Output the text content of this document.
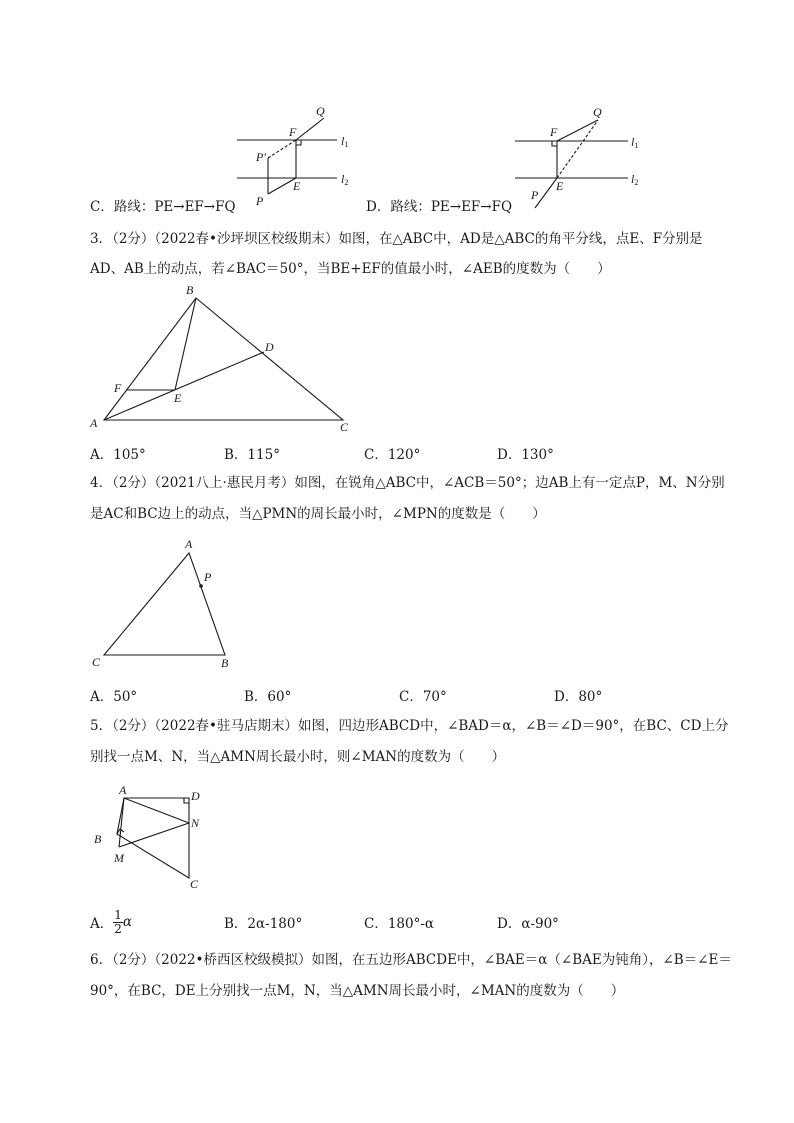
Q
F
l1
P′
l2
E
P
Q
F
l1
l2
P
E
C．路线：PE→EF→FQ	D．路线：PE→EF→FQ
3．（2分）（2022春•沙坪坝区校级期末）如图，在△ABC中，AD是△ABC的角平分线，点E、F分别是
AD、AB上的动点，若∠BAC＝50°，当BE+EF的值最小时，∠AEB的度数为（　　）
B
D
F
E
A	C
A．105°	B．115°	C．120°	D．130°
4．（2分）（2021八上·惠民月考）如图，在锐角△ABC中，∠ACB＝50°；边AB上有一定点P，M、N分别
是AC和BC边上的动点，当△PMN的周长最小时，∠MPN的度数是（　　）
A
P
C	B
A．50°	B．60°	C．70°	D．80°
5．（2分）（2022春•驻马店期末）如图，四边形ABCD中，∠BAD＝α，∠B＝∠D＝90°，在BC、CD上分
别找一点M、N，当△AMN周长最小时，则∠MAN的度数为（　　）
A	D
N
B
M
C
A． $\frac{1}{2}$ α	B．2α-180°	C．180°-α	D．α-90°
6．（2分）（2022•桥西区校级模拟）如图，在五边形ABCDE中，∠BAE＝α（∠BAE为钝角），∠B＝∠E＝
90°，在BC，DE上分别找一点M，N，当△AMN周长最小时，∠MAN的度数为（　　）
